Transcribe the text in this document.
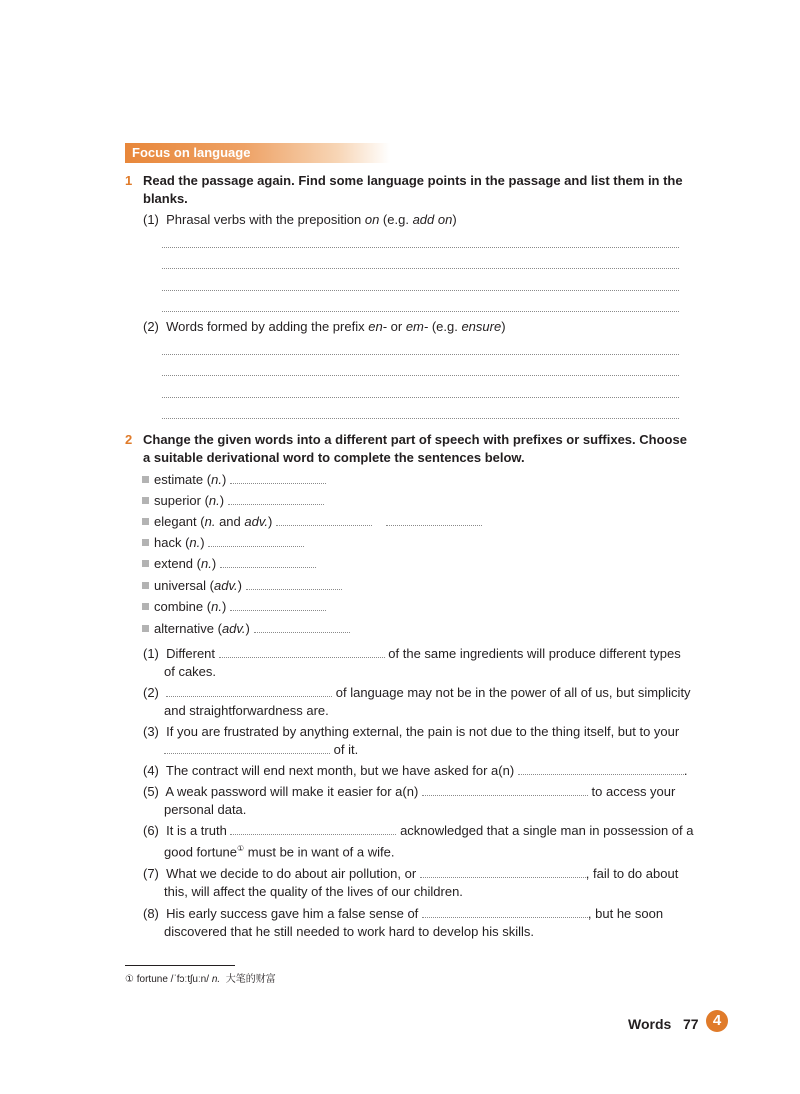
Focus on language
1 Read the passage again. Find some language points in the passage and list them in the
blanks.
(1) Phrasal verbs with the preposition on (e.g. add on)
(2) Words formed by adding the prefix en- or em- (e.g. ensure)
2 Change the given words into a different part of speech with prefixes or suffixes. Choose
a suitable derivational word to complete the sentences below.
estimate (n.)
superior (n.)
elegant (n. and adv.)
hack (n.)
extend (n.)
universal (adv.)
combine (n.)
alternative (adv.)
(1) Different	of the same ingredients will produce different types
of cakes.
(2)	of language may not be in the power of all of us, but simplicity
and straightforwardness are.
(3) If you are frustrated by anything external, the pain is not due to the thing itself, but to your
of it.
(4) The contract will end next month, but we have asked for a(n)	.
(5) A weak password will make it easier for a(n)	to access your
personal data.
(6) It is a truth	acknowledged that a single man in possession of a
good fortune① must be in want of a wife.
(7) What we decide to do about air pollution, or	, fail to do about
this, will affect the quality of the lives of our children.
(8) His early success gave him a false sense of	, but he soon
discovered that he still needed to work hard to develop his skills.
① fortune /ˈfɔːtʃuːn/ n. 大笔的财富
Words 77 4
